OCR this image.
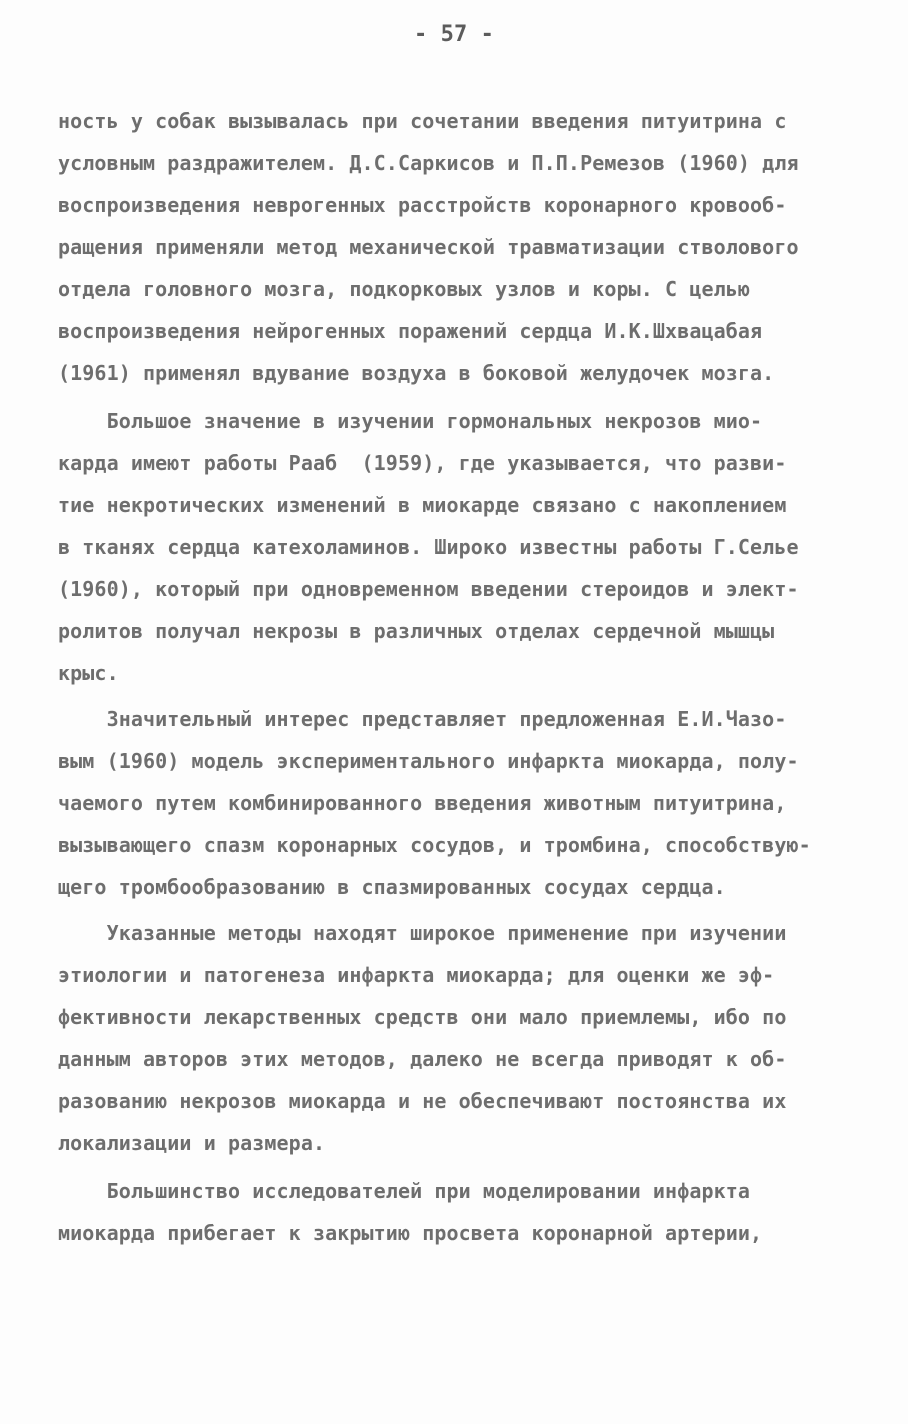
- 57 -
ность у собак вызывалась при сочетании введения питуитрина с
условным раздражителем. Д.С.Саркисов и П.П.Ремезов (1960) для
воспроизведения неврогенных расстройств коронарного кровооб-
ращения применяли метод механической травматизации стволового
отдела головного мозга, подкорковых узлов и коры. С целью
воспроизведения нейрогенных поражений сердца И.К.Шхвацабая
(1961) применял вдувание воздуха в боковой желудочек мозга.
Большое значение в изучении гормональных некрозов мио-
карда имеют работы Рааб  (1959), где указывается, что разви-
тие некротических изменений в миокарде связано с накоплением
в тканях сердца катехоламинов. Широко известны работы Г.Селье
(1960), который при одновременном введении стероидов и элект-
ролитов получал некрозы в различных отделах сердечной мышцы
крыс.
Значительный интерес представляет предложенная Е.И.Чазо-
вым (1960) модель экспериментального инфаркта миокарда, полу-
чаемого путем комбинированного введения животным питуитрина,
вызывающего спазм коронарных сосудов, и тромбина, способствую-
щего тромбообразованию в спазмированных сосудах сердца.
Указанные методы находят широкое применение при изучении
этиологии и патогенеза инфаркта миокарда; для оценки же эф-
фективности лекарственных средств они мало приемлемы, ибо по
данным авторов этих методов, далеко не всегда приводят к об-
разованию некрозов миокарда и не обеспечивают постоянства их
локализации и размера.
Большинство исследователей при моделировании инфаркта
миокарда прибегает к закрытию просвета коронарной артерии,
